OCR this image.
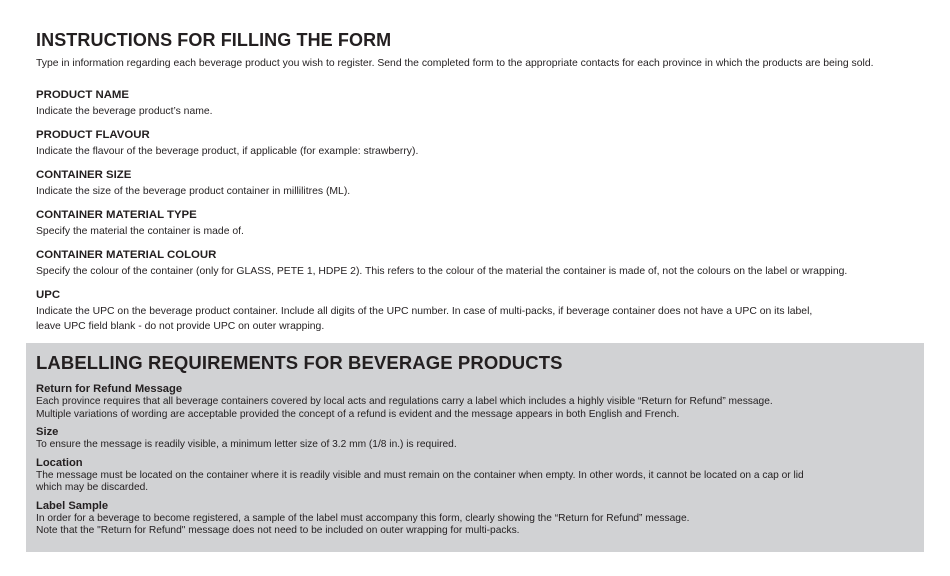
INSTRUCTIONS FOR FILLING THE FORM

Type in information regarding each beverage product you wish to register. Send the completed form to the appropriate contacts for each province in which the products are being sold.

PRODUCT NAME

Indicate the beverage product’s name.

PRODUCT FLAVOUR

Indicate the flavour of the beverage product, if applicable (for example: strawberry).

CONTAINER SIZE

Indicate the size of the beverage product container in millilitres (ML).

CONTAINER MATERIAL TYPE

Specify the material the container is made of.

CONTAINER MATERIAL COLOUR

Specify the colour of the container (only for GLASS, PETE 1, HDPE 2). This refers to the colour of the material the container is made of, not the colours on the label or wrapping.

UPC

Indicate the UPC on the beverage product container. Include all digits of the UPC number. In case of multi-packs, if beverage container does not have a UPC on its label,

leave UPC field blank - do not provide UPC on outer wrapping.

LABELLING REQUIREMENTS FOR BEVERAGE PRODUCTS
Return for Refund Message

Each province requires that all beverage containers covered by local acts and regulations carry a label which includes a highly visible “Return for Refund” message.

Multiple variations of wording are acceptable provided the concept of a refund is evident and the message appears in both English and French.

Size

To ensure the message is readily visible, a minimum letter size of 3.2 mm (1/8 in.) is required.

Location

The message must be located on the container where it is readily visible and must remain on the container when empty. In other words, it cannot be located on a cap or lid

which may be discarded.

Label Sample

In order for a beverage to become registered, a sample of the label must accompany this form, clearly showing the “Return for Refund” message.

Note that the "Return for Refund" message does not need to be included on outer wrapping for multi-packs.
